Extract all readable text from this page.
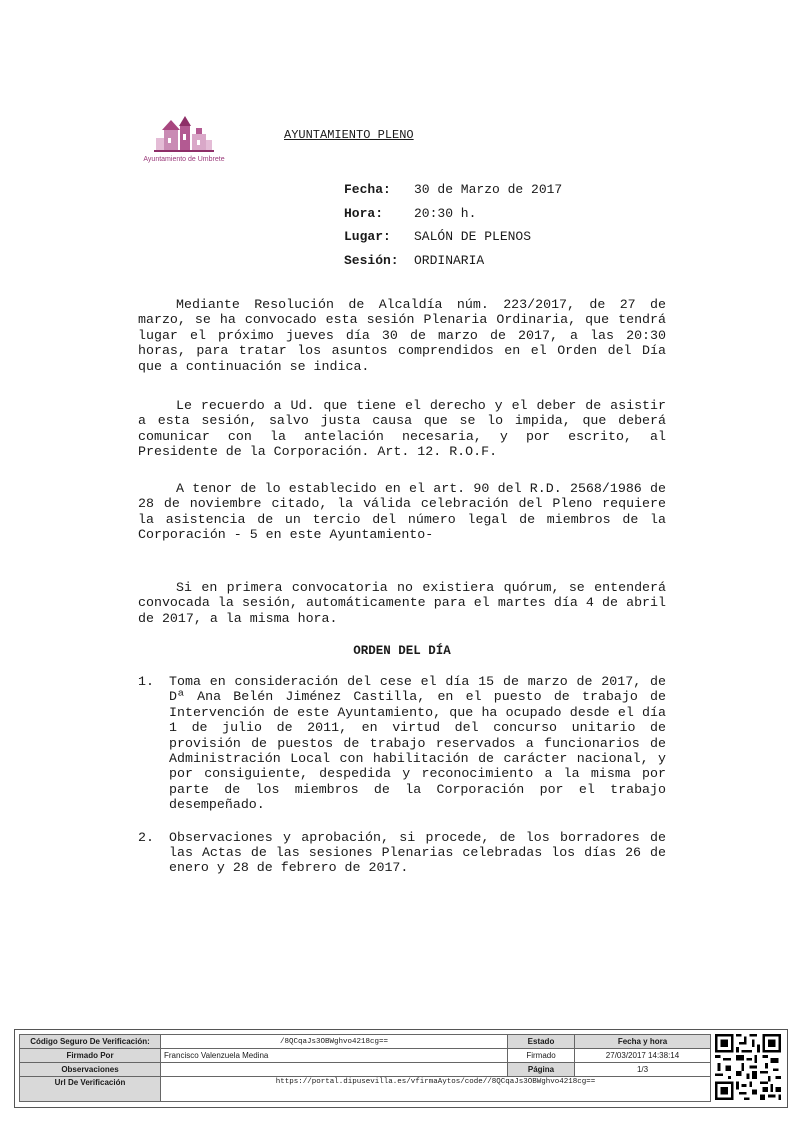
Ayuntamiento de Umbrete
AYUNTAMIENTO PLENO
Fecha: 30 de Marzo de 2017
Hora: 20:30 h.
Lugar: SALÓN DE PLENOS
Sesión: ORDINARIA

Mediante Resolución de Alcaldía núm. 223/2017, de 27 de marzo, se ha convocado esta sesión Plenaria Ordinaria, que tendrá lugar el próximo jueves día 30 de marzo de 2017, a las 20:30 horas, para tratar los asuntos comprendidos en el Orden del Día que a continuación se indica.

Le recuerdo a Ud. que tiene el derecho y el deber de asistir a esta sesión, salvo justa causa que se lo impida, que deberá comunicar con la antelación necesaria, y por escrito, al Presidente de la Corporación. Art. 12. R.O.F.

A tenor de lo establecido en el art. 90 del R.D. 2568/1986 de 28 de noviembre citado, la válida celebración del Pleno requiere la asistencia de un tercio del número legal de miembros de la Corporación - 5 en este Ayuntamiento-

Si en primera convocatoria no existiera quórum, se entenderá convocada la sesión, automáticamente para el martes día 4 de abril de 2017, a la misma hora.

ORDEN DEL DÍA
1.	Toma en consideración del cese el día 15 de marzo de 2017, de Dª Ana Belén Jiménez Castilla, en el puesto de trabajo de Intervención de este Ayuntamiento, que ha ocupado desde el día 1 de julio de 2011, en virtud del concurso unitario de provisión de puestos de trabajo reservados a funcionarios de Administración Local con habilitación de carácter nacional, y por consiguiente, despedida y reconocimiento a la misma por parte de los miembros de la Corporación por el trabajo desempeñado.
2.	Observaciones y aprobación, si procede, de los borradores de las Actas de las sesiones Plenarias celebradas los días 26 de enero y 28 de febrero de 2017.
Código Seguro De Verificación:	/8QCqaJs3OBWghvo4218cg==	Estado	Fecha y hora
Firmado Por	Francisco Valenzuela Medina	Firmado	27/03/2017 14:38:14
Observaciones		Página	1/3
Url De Verificación	https://portal.dipusevilla.es/vfirmaAytos/code//8QCqaJs3OBWghvo4218cg==		
